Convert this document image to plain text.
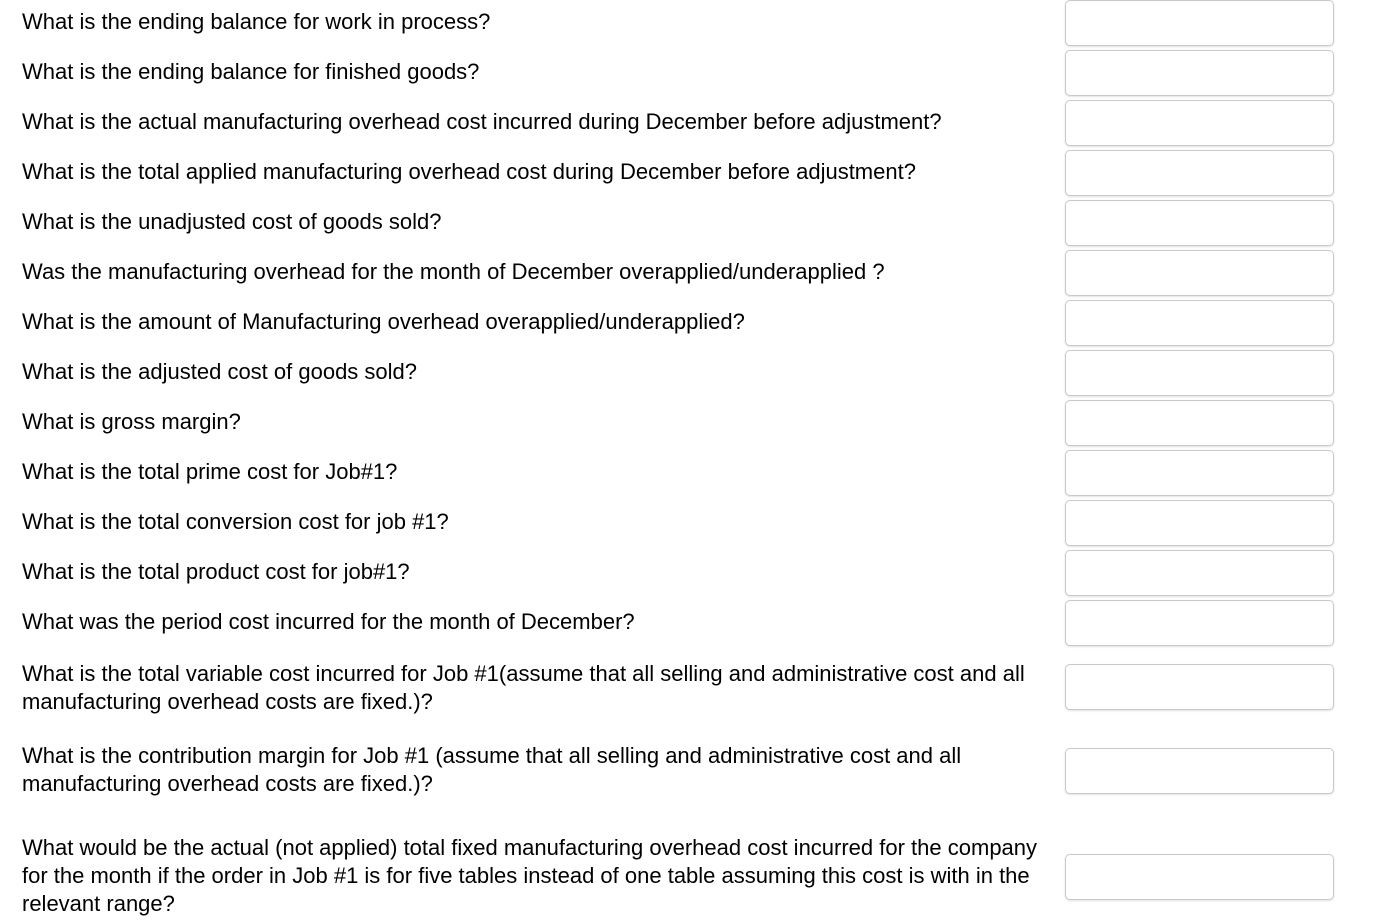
What is the ending balance for work in process?

What is the ending balance for finished goods?

What is the actual manufacturing overhead cost incurred during December before adjustment?

What is the total applied manufacturing overhead cost during December before adjustment?

What is the unadjusted cost of goods sold?

Was the manufacturing overhead for the month of December overapplied/underapplied ?

What is the amount of Manufacturing overhead overapplied/underapplied?

What is the adjusted cost of goods sold?

What is gross margin?

What is the total prime cost for Job#1?

What is the total conversion cost for job #1?

What is the total product cost for job#1?

What was the period cost incurred for the month of December?

What is the total variable cost incurred for Job #1(assume that all selling and administrative cost and all manufacturing overhead costs are fixed.)?

What is the contribution margin for Job #1 (assume that all selling and administrative cost and all manufacturing overhead costs are fixed.)?

What would be the actual (not applied) total fixed manufacturing overhead cost incurred for the company for the month if the order in Job #1 is for five tables instead of one table assuming this cost is with in the relevant range?
